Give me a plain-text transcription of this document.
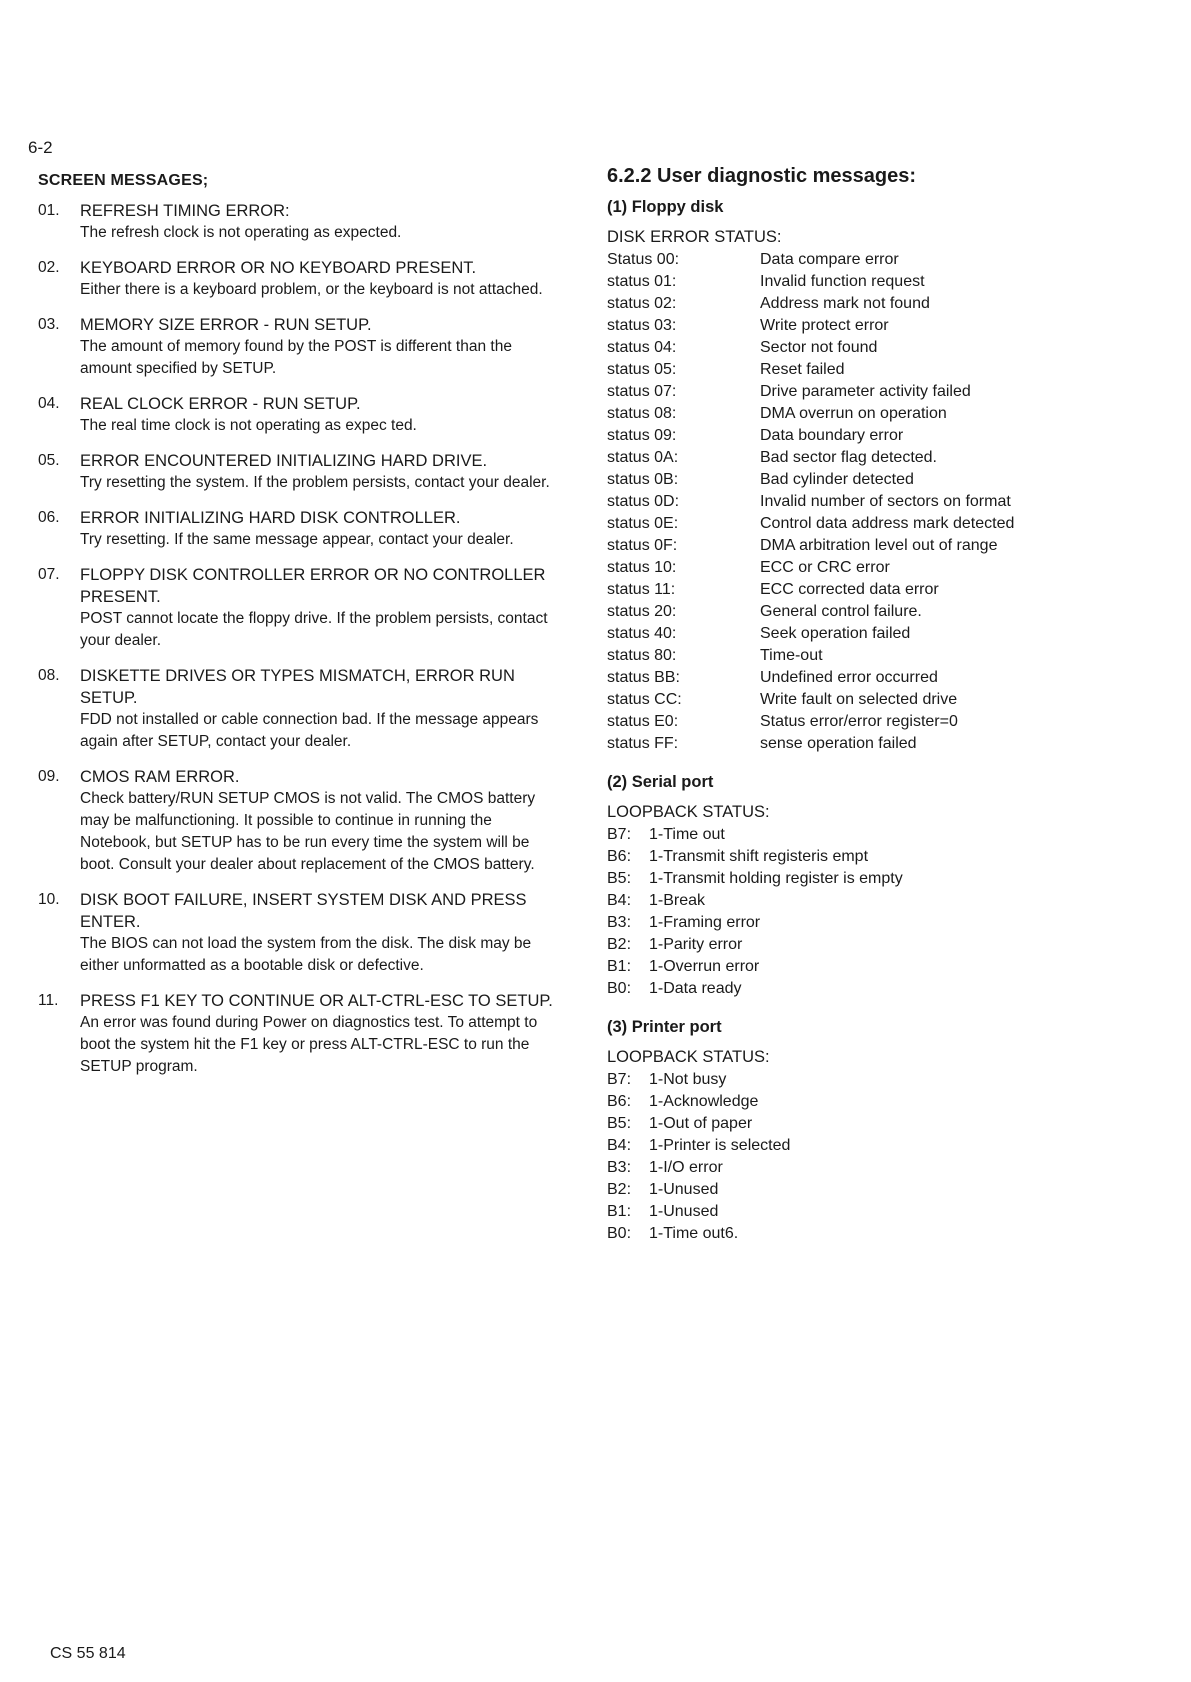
6-2
SCREEN MESSAGES;
01.	REFRESH TIMING ERROR:
The refresh clock is not operating as expected.
02.	KEYBOARD ERROR OR NO KEYBOARD PRESENT.
Either there is a keyboard problem, or the keyboard is not attached.
03.	MEMORY SIZE ERROR - RUN SETUP.
The amount of memory found by the POST is different than the amount specified by SETUP.
04.	REAL CLOCK ERROR - RUN SETUP.
The real time clock is not operating as expec ted.
05.	ERROR ENCOUNTERED INITIALIZING HARD DRIVE.
Try resetting the system. If the problem persists, contact your dealer.
06.	ERROR INITIALIZING HARD DISK CONTROLLER.
Try resetting. If the same message appear, contact your dealer.
07.	FLOPPY DISK CONTROLLER ERROR OR NO CONTROLLER PRESENT.
POST cannot locate the floppy drive. If the problem persists, contact your dealer.
08.	DISKETTE DRIVES OR TYPES MISMATCH, ERROR RUN SETUP.
FDD not installed or cable connection bad. If the message appears again after SETUP, contact your dealer.
09.	CMOS RAM ERROR.
Check battery/RUN SETUP CMOS is not valid. The CMOS battery may be malfunctioning. It possible to continue in running the Notebook, but SETUP has to be run every time the system will be boot. Consult your dealer about replacement of the CMOS battery.
10.	DISK BOOT FAILURE, INSERT SYSTEM DISK AND PRESS ENTER.
The BIOS can not load the system from the disk. The disk may be either unformatted as a bootable disk or defective.
11.	PRESS F1 KEY TO CONTINUE OR ALT-CTRL-ESC TO SETUP.
An error was found during Power on diagnostics test. To attempt to boot the system hit the F1 key or press ALT-CTRL-ESC to run the SETUP program.
6.2.2 User diagnostic messages:
(1) Floppy disk
DISK ERROR STATUS:
Status 00:	Data compare error
status 01:	Invalid function request
status 02:	Address mark not found
status 03:	Write protect error
status 04:	Sector not found
status 05:	Reset failed
status 07:	Drive parameter activity failed
status 08:	DMA overrun on operation
status 09:	Data boundary error
status 0A:	Bad sector flag detected.
status 0B:	Bad cylinder detected
status 0D:	Invalid number of sectors on format
status 0E:	Control data address mark detected
status 0F:	DMA arbitration level out of range
status 10:	ECC or CRC error
status 11:	ECC corrected data error
status 20:	General control failure.
status 40:	Seek operation failed
status 80:	Time-out
status BB:	Undefined error occurred
status CC:	Write fault on selected drive
status E0:	Status error/error register=0
status FF:	sense operation failed
(2) Serial port
LOOPBACK STATUS:
B7:	1-Time out
B6:	1-Transmit shift registeris empt
B5:	1-Transmit holding register is empty
B4:	1-Break
B3:	1-Framing error
B2:	1-Parity error
B1:	1-Overrun error
B0:	1-Data ready
(3) Printer port
LOOPBACK STATUS:
B7:	1-Not busy
B6:	1-Acknowledge
B5:	1-Out of paper
B4:	1-Printer is selected
B3:	1-I/O error
B2:	1-Unused
B1:	1-Unused
B0:	1-Time out6.
CS 55 814
